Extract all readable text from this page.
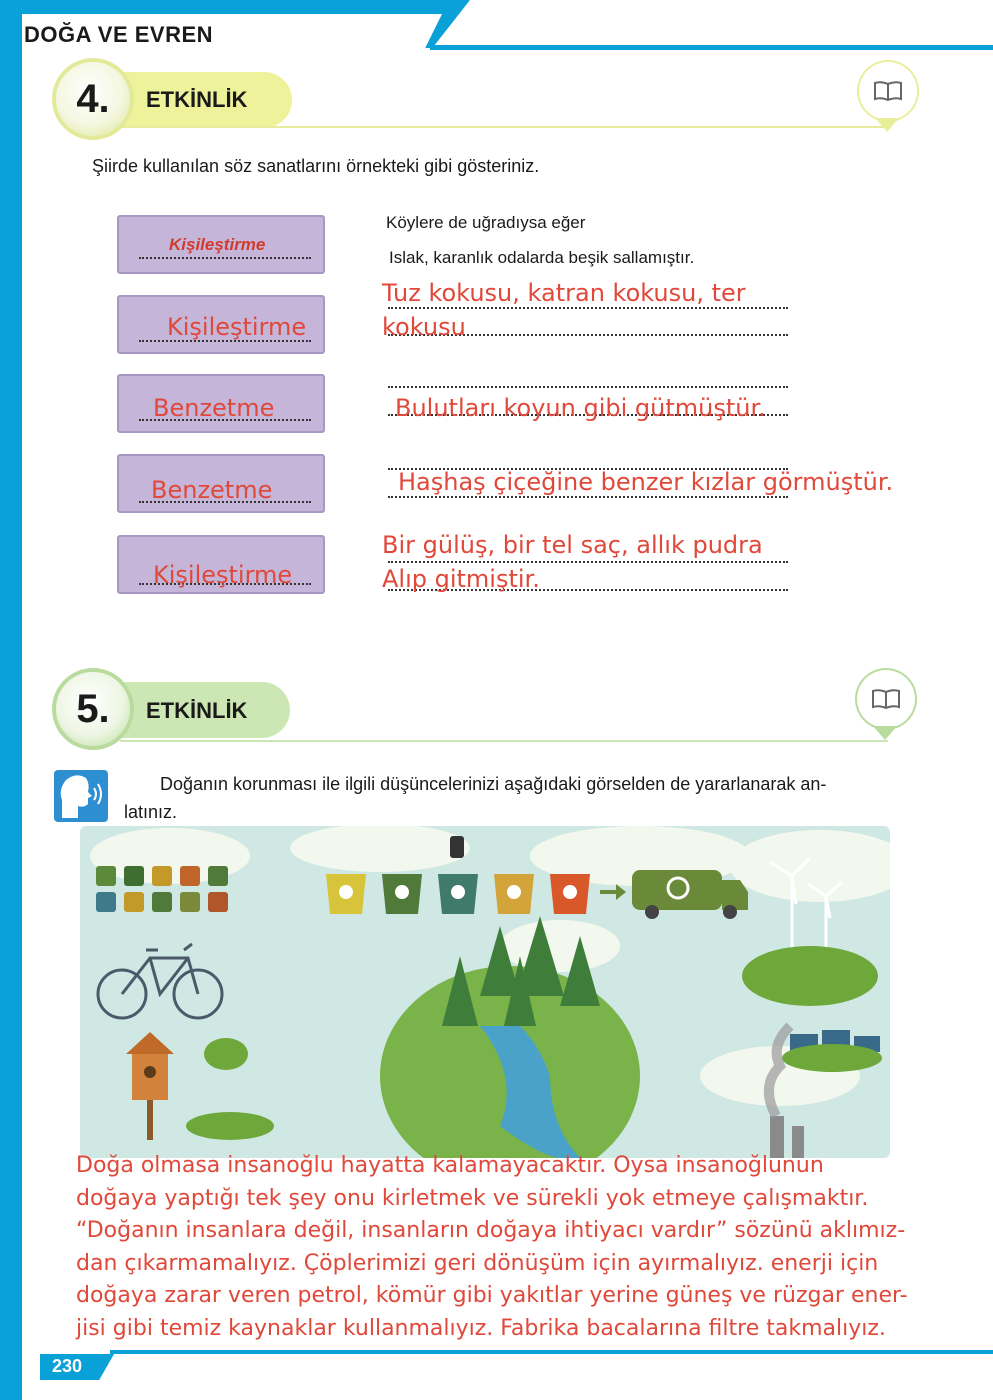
DOĞA VE EVREN
4. ETKİNLİK
Şiirde kullanılan söz sanatlarını örnekteki gibi gösteriniz.
Kişileştirme
Köylere de uğradıysa eğer
Islak, karanlık odalarda beşik sallamıştır.
Kişileştirme
Tuz kokusu, katran kokusu, ter
kokusu
Benzetme	Bulutları koyun gibi gütmüştür.
Benzetme	Haşhaş çiçeğine benzer kızlar görmüştür.
Kişileştirme
Bir gülüş, bir tel saç, allık pudra
Alıp gitmiştir.
5. ETKİNLİK
Doğanın korunması ile ilgili düşüncelerinizi aşağıdaki görselden de yararlanarak an-
latınız.

Doğa olmasa insanoğlu hayatta kalamayacaktır. Oysa insanoğlunun

doğaya yaptığı tek şey onu kirletmek ve sürekli yok etmeye çalışmaktır.

“Doğanın insanlara değil, insanların doğaya ihtiyacı vardır” sözünü aklımız-

dan çıkarmamalıyız. Çöplerimizi geri dönüşüm için ayırmalıyız. enerji için

doğaya zarar veren petrol, kömür gibi yakıtlar yerine güneş ve rüzgar ener-

jisi gibi temiz kaynaklar kullanmalıyız. Fabrika bacalarına filtre takmalıyız.

230
